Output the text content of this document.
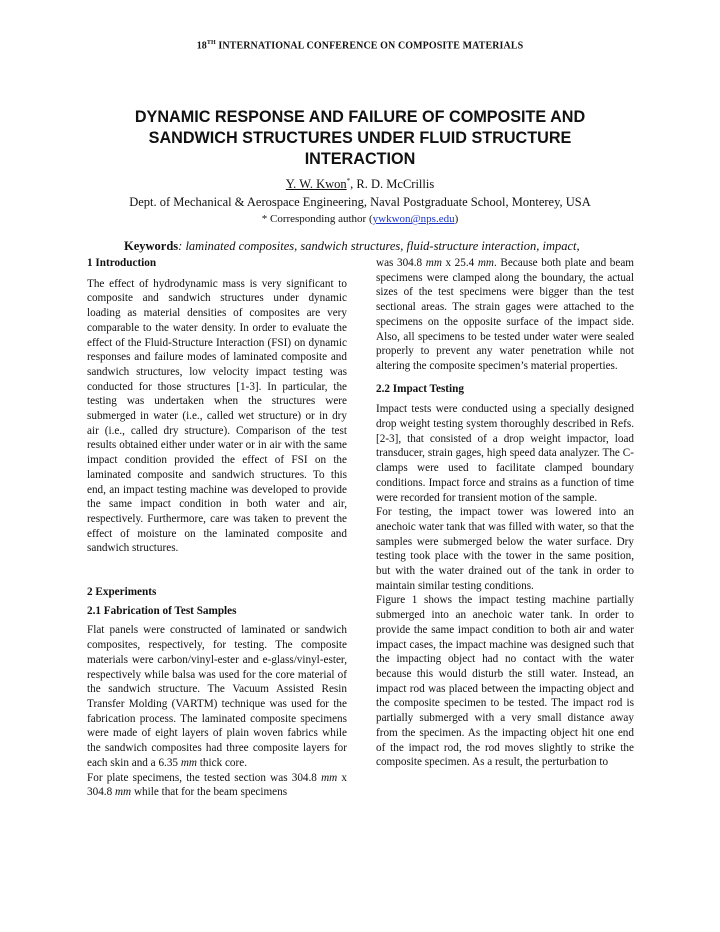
18TH INTERNATIONAL CONFERENCE ON COMPOSITE MATERIALS
DYNAMIC RESPONSE AND FAILURE OF COMPOSITE AND
SANDWICH STRUCTURES UNDER FLUID STRUCTURE
INTERACTION
Y. W. Kwon*, R. D. McCrillis
Dept. of Mechanical & Aerospace Engineering, Naval Postgraduate School, Monterey, USA
* Corresponding author (ywkwon@nps.edu)
Keywords: laminated composites, sandwich structures, fluid-structure interaction, impact,
1 Introduction

The effect of hydrodynamic mass is very significant to composite and sandwich structures under dynamic loading as material densities of composites are very comparable to the water density. In order to evaluate the effect of the Fluid-Structure Interaction (FSI) on dynamic responses and failure modes of laminated composite and sandwich structures, low velocity impact testing was conducted for those structures [1-3]. In particular, the testing was undertaken when the structures were submerged in water (i.e., called wet structure) or in dry air (i.e., called dry structure). Comparison of the test results obtained either under water or in air with the same impact condition provided the effect of FSI on the laminated composite and sandwich structures. To this end, an impact testing machine was developed to provide the same impact condition in both water and air, respectively. Furthermore, care was taken to prevent the effect of moisture on the laminated composite and sandwich structures.

2 Experiments
2.1 Fabrication of Test Samples

Flat panels were constructed of laminated or sandwich composites, respectively, for testing. The composite materials were carbon/vinyl-ester and e-glass/vinyl-ester, respectively while balsa was used for the core material of the sandwich structure. The Vacuum Assisted Resin Transfer Molding (VARTM) technique was used for the fabrication process. The laminated composite specimens were made of eight layers of plain woven fabrics while the sandwich composites had three composite layers for each skin and a 6.35 mm thick core.

For plate specimens, the tested section was 304.8 mm x 304.8 mm while that for the beam specimens

was 304.8 mm x 25.4 mm. Because both plate and beam specimens were clamped along the boundary, the actual sizes of the test specimens were bigger than the test sectional areas. The strain gages were attached to the specimens on the opposite surface of the impact side. Also, all specimens to be tested under water were sealed properly to prevent any water penetration while not altering the composite specimen’s material properties.

2.2 Impact Testing

Impact tests were conducted using a specially designed drop weight testing system thoroughly described in Refs. [2-3], that consisted of a drop weight impactor, load transducer, strain gages, high speed data analyzer. The C-clamps were used to facilitate clamped boundary conditions. Impact force and strains as a function of time were recorded for transient motion of the sample.

For testing, the impact tower was lowered into an anechoic water tank that was filled with water, so that the samples were submerged below the water surface. Dry testing took place with the tower in the same position, but with the water drained out of the tank in order to maintain similar testing conditions.

Figure 1 shows the impact testing machine partially submerged into an anechoic water tank. In order to provide the same impact condition to both air and water impact cases, the impact machine was designed such that the impacting object had no contact with the water because this would disturb the still water. Instead, an impact rod was placed between the impacting object and the composite specimen to be tested. The impact rod is partially submerged with a very small distance away from the specimen. As the impacting object hit one end of the impact rod, the rod moves slightly to strike the composite specimen. As a result, the perturbation to
